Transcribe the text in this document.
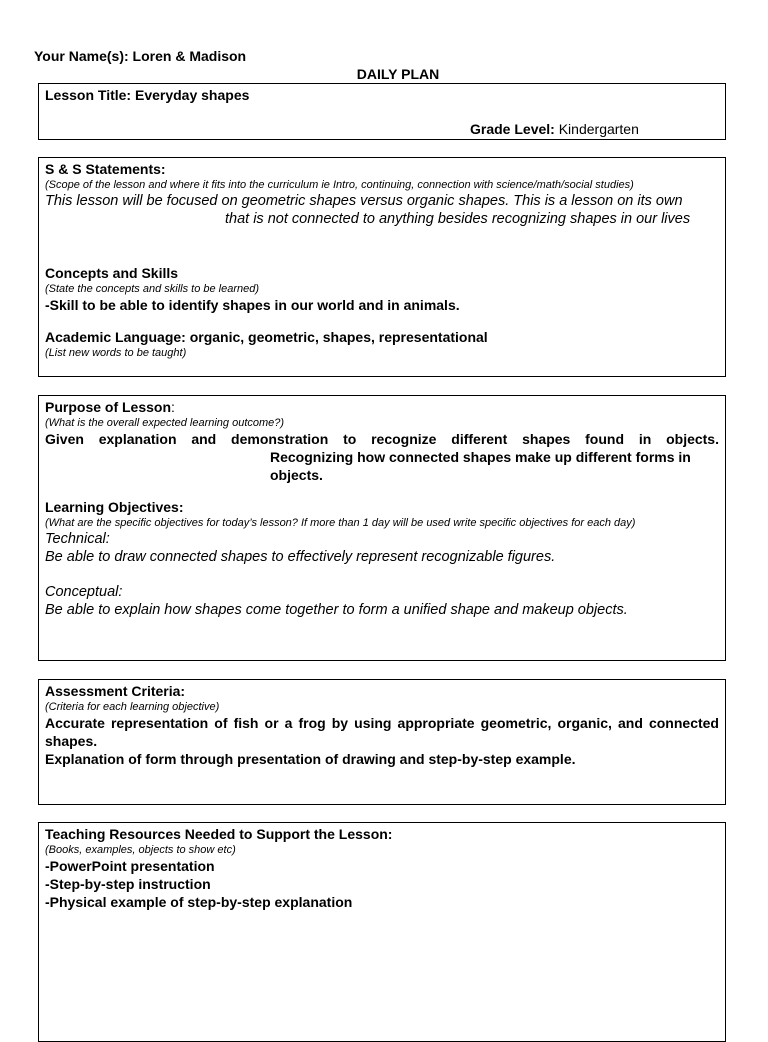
Your Name(s): Loren & Madison
DAILY PLAN
Lesson Title: Everyday shapes
Grade Level: Kindergarten
S & S Statements:
(Scope of the lesson and where it fits into the curriculum ie Intro, continuing, connection with science/math/social studies)
This lesson will be focused on geometric shapes versus organic shapes. This is a lesson on its own
that is not connected to anything besides recognizing shapes in our lives
Concepts and Skills
(State the concepts and skills to be learned)
-Skill to be able to identify shapes in our world and in animals.
Academic Language: organic, geometric, shapes, representational
(List new words to be taught)
Purpose of Lesson:
(What is the overall expected learning outcome?)
Given explanation and demonstration to recognize different shapes found in objects.
Recognizing how connected shapes make up different forms in objects.
Learning Objectives:
(What are the specific objectives for today’s lesson? If more than 1 day will be used write specific objectives for each day)
Technical:
Be able to draw connected shapes to effectively represent recognizable figures.
Conceptual:
Be able to explain how shapes come together to form a unified shape and makeup objects.
Assessment Criteria:
(Criteria for each learning objective)
Accurate representation of fish or a frog by using appropriate geometric, organic, and connected shapes.
Explanation of form through presentation of drawing and step-by-step example.
Teaching Resources Needed to Support the Lesson:
(Books, examples, objects to show etc)
-PowerPoint presentation
-Step-by-step instruction
-Physical example of step-by-step explanation
